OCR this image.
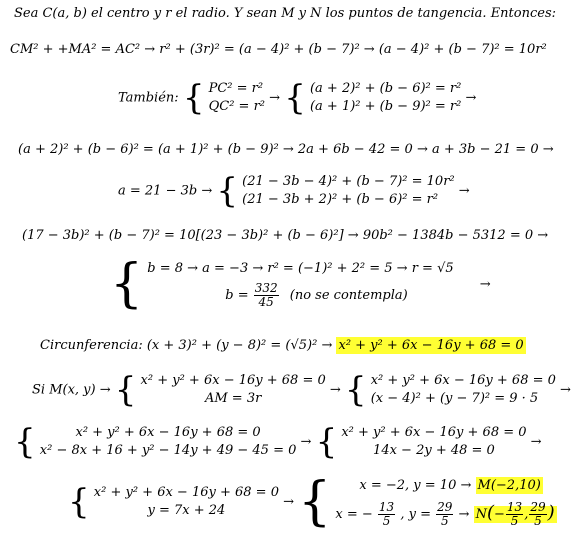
Sea C(a, b) el centro y r el radio. Y sean M y N los puntos de tangencia. Entonces:
CM² + +MA² = AC² → r² + (3r)² = (a − 4)² + (b − 7)² → (a − 4)² + (b − 7)² = 10r²
También: { PC² = r²
QC² = r²
→ { (a + 2)² + (b − 6)² = r²
(a + 1)² + (b − 9)² = r²
→
(a + 2)² + (b − 6)² = (a + 1)² + (b − 9)² → 2a + 6b − 42 = 0 → a + 3b − 21 = 0 →
a = 21 − 3b → { (21 − 3b − 4)² + (b − 7)² = 10r²
(21 − 3b + 2)² + (b − 6)² = r²
→
(17 − 3b)² + (b − 7)² = 10[(23 − 3b)² + (b − 6)²] → 90b² − 1384b − 5312 = 0 →
{ b = 8 → a = −3 → r² = (−1)² + 2² = 5 → r = √5
$b = \frac{332}{45} (no$ se contempla)
→
Circunferencia: (x + 3)² + (y − 8)² = (√5)² → x² + y² + 6x − 16y + 68 = 0
Si M(x, y) → { x² + y² + 6x − 16y + 68 = 0
AM = 3r
→ { x² + y² + 6x − 16y + 68 = 0
(x − 4)² + (y − 7)² = 9 · 5
→
{	x² + y² + 6x − 16y + 68 = 0
x² − 8x + 16 + y² − 14y + 49 − 45 = 0
→ { x² + y² + 6x − 16y + 68 = 0
14x − 2y + 48 = 0
→
{ x² + y² + 6x − 16y + 68 = 0
y = 7x + 24
→ {	x = −2, y = 10 → M(−2,10)
x = − $\frac{13}{5}$ , $y = \frac{29}{5} \to N(- \frac{13}{5}$ , $\frac{29}{5}$ )
